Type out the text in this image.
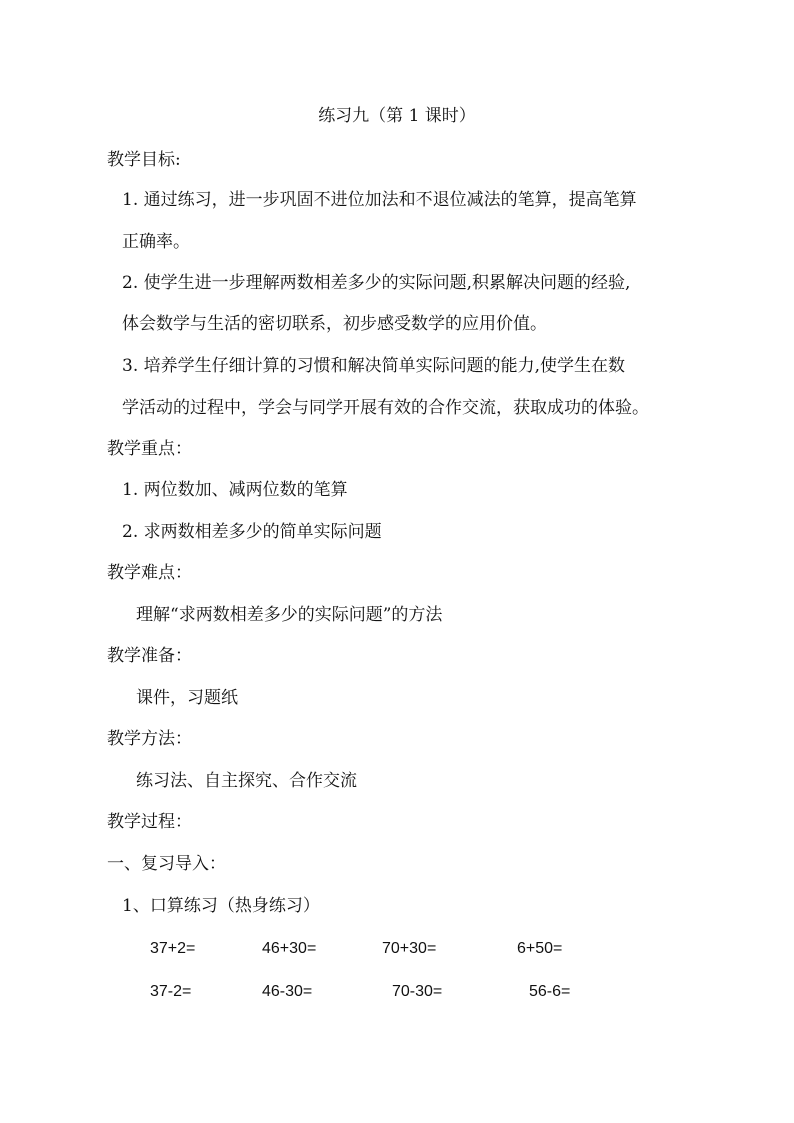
练习九（第 1 课时）
教学目标:
1. 通过练习，进一步巩固不进位加法和不退位减法的笔算，提高笔算
正确率。
2. 使学生进一步理解两数相差多少的实际问题,积累解决问题的经验,
体会数学与生活的密切联系，初步感受数学的应用价值。
3. 培养学生仔细计算的习惯和解决简单实际问题的能力,使学生在数
学活动的过程中，学会与同学开展有效的合作交流，获取成功的体验。
教学重点：
1. 两位数加、减两位数的笔算
2. 求两数相差多少的简单实际问题
教学难点：
理解“求两数相差多少的实际问题”的方法
教学准备：
课件，习题纸
教学方法：
练习法、自主探究、合作交流
教学过程：
一、复习导入：
1、口算练习（热身练习）
37+2=	46+30=	70+30=	6+50=
37-2=	46-30=	70-30=	56-6=
